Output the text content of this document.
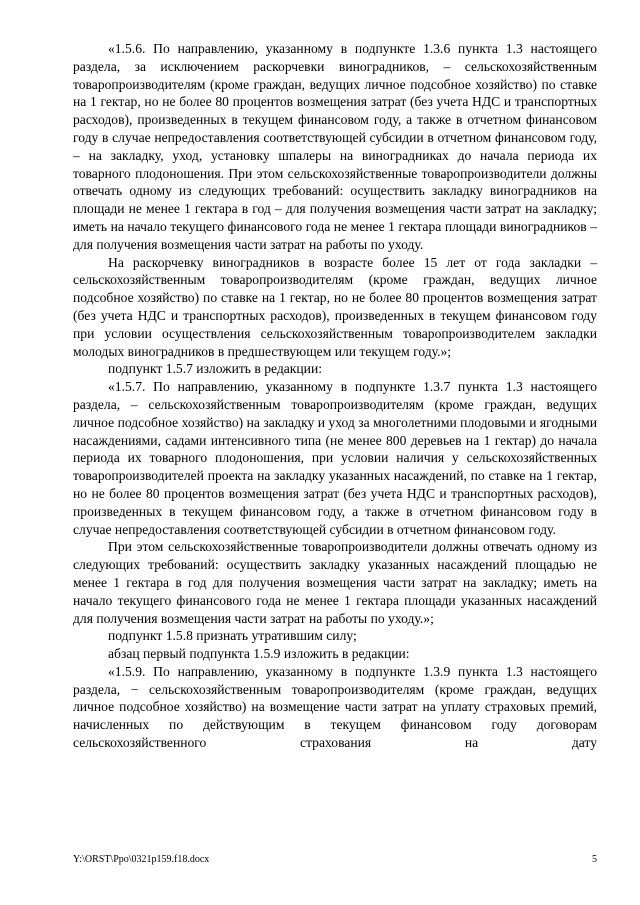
«1.5.6. По направлению, указанному в подпункте 1.3.6 пункта 1.3 настоящего раздела, за исключением раскорчевки виноградников, – сельскохозяйственным товаропроизводителям (кроме граждан, ведущих личное подсобное хозяйство) по ставке на 1 гектар, но не более 80 процентов возмещения затрат (без учета НДС и транспортных расходов), произведенных в текущем финансовом году, а также в отчетном финансовом году в случае непредоставления соответствующей субсидии в отчетном финансовом году, – на закладку, уход, установку шпалеры на виноградниках до начала периода их товарного плодоношения. При этом сельскохозяйственные товаропроизводители должны отвечать одному из следующих требований: осуществить закладку виноградников на площади не менее 1 гектара в год – для получения возмещения части затрат на закладку; иметь на начало текущего финансового года не менее 1 гектара площади виноградников – для получения возмещения части затрат на работы по уходу.

На раскорчевку виноградников в возрасте более 15 лет от года закладки – сельскохозяйственным товаропроизводителям (кроме граждан, ведущих личное подсобное хозяйство) по ставке на 1 гектар, но не более 80 процентов возмещения затрат (без учета НДС и транспортных расходов), произведенных в текущем финансовом году при условии осуществления сельскохозяйственным товаропроизводителем закладки молодых виноградников в предшествующем или текущем году.»;

подпункт 1.5.7 изложить в редакции:

«1.5.7. По направлению, указанному в подпункте 1.3.7 пункта 1.3 настоящего раздела, – сельскохозяйственным товаропроизводителям (кроме граждан, ведущих личное подсобное хозяйство) на закладку и уход за многолетними плодовыми и ягодными насаждениями, садами интенсивного типа (не менее 800 деревьев на 1 гектар) до начала периода их товарного плодоношения, при условии наличия у сельскохозяйственных товаропроизводителей проекта на закладку указанных насаждений, по ставке на 1 гектар, но не более 80 процентов возмещения затрат (без учета НДС и транспортных расходов), произведенных в текущем финансовом году, а также в отчетном финансовом году в случае непредоставления соответствующей субсидии в отчетном финансовом году.

При этом сельскохозяйственные товаропроизводители должны отвечать одному из следующих требований: осуществить закладку указанных насаждений площадью не менее 1 гектара в год для получения возмещения части затрат на закладку; иметь на начало текущего финансового года не менее 1 гектара площади указанных насаждений для получения возмещения части затрат на работы по уходу.»;

подпункт 1.5.8 признать утратившим силу;

абзац первый подпункта 1.5.9 изложить в редакции:

«1.5.9. По направлению, указанному в подпункте 1.3.9 пункта 1.3 настоящего раздела, − сельскохозяйственным товаропроизводителям (кроме граждан, ведущих личное подсобное хозяйство) на возмещение части затрат на уплату страховых премий, начисленных по действующим в текущем финансовом году договорам сельскохозяйственного страхования на дату

Y:\ORST\Ppo\0321p159.f18.docx	5
